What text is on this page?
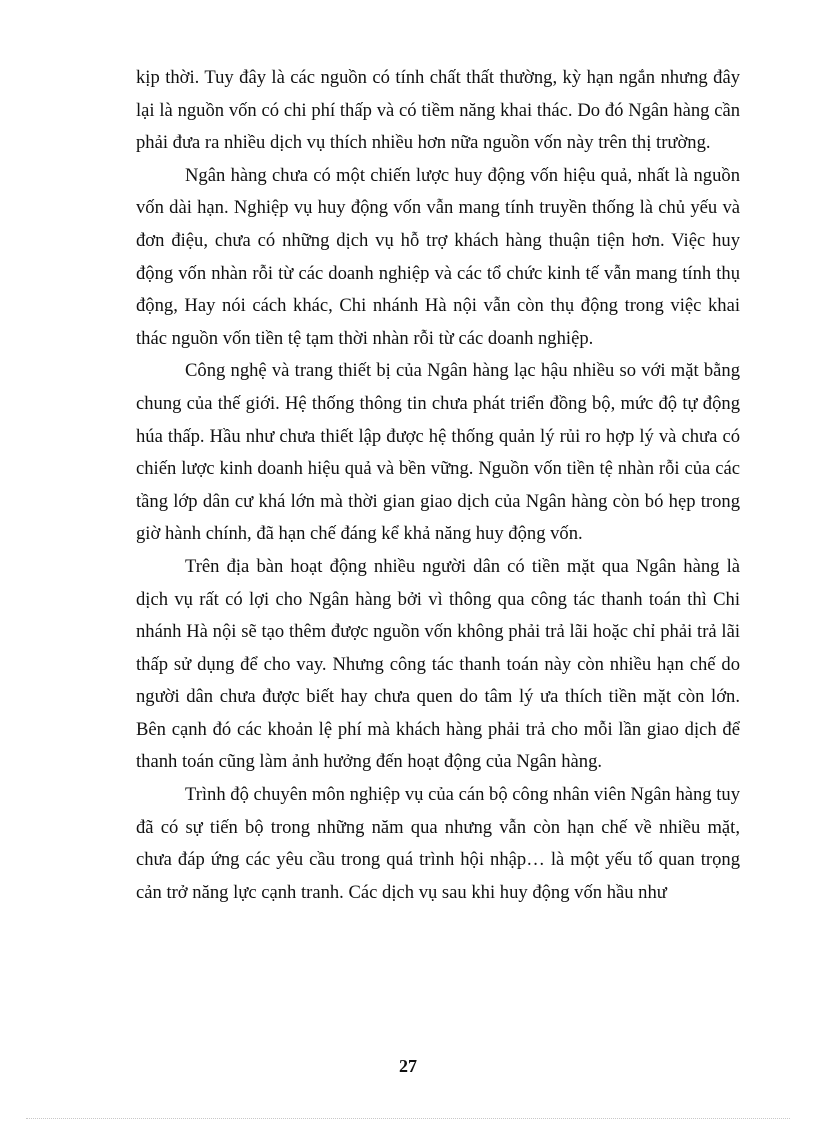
kịp thời. Tuy đây là các nguồn có tính chất thất thường, kỳ hạn ngắn nhưng đây lại là nguồn vốn có chi phí thấp và có tiềm năng khai thác. Do đó Ngân hàng cần phải đưa ra nhiều dịch vụ thích nhiều hơn nữa nguồn vốn này trên thị trường.

Ngân hàng chưa có một chiến lược huy động vốn hiệu quả, nhất là nguồn vốn dài hạn. Nghiệp vụ huy động vốn vẫn mang tính truyền thống là chủ yếu và đơn điệu, chưa có những dịch vụ hỗ trợ khách hàng thuận tiện hơn. Việc huy động vốn nhàn rỗi từ các doanh nghiệp và các tổ chức kinh tế vẫn mang tính thụ động, Hay nói cách khác, Chi nhánh Hà nội vẫn còn thụ động trong việc khai thác nguồn vốn tiền tệ tạm thời nhàn rỗi từ các doanh nghiệp.

Công nghệ và trang thiết bị của Ngân hàng lạc hậu nhiều so với mặt bằng chung của thế giới. Hệ thống thông tin chưa phát triển đồng bộ, mức độ tự động húa thấp. Hầu như chưa thiết lập được hệ thống quản lý rủi ro hợp lý và chưa có chiến lược kinh doanh hiệu quả và bền vững. Nguồn vốn tiền tệ nhàn rỗi của các tầng lớp dân cư khá lớn mà thời gian giao dịch của Ngân hàng còn bó hẹp trong giờ hành chính, đã hạn chế đáng kể khả năng huy động vốn.

Trên địa bàn hoạt động nhiều người dân có tiền mặt qua Ngân hàng là dịch vụ rất có lợi cho Ngân hàng bởi vì thông qua công tác thanh toán thì Chi nhánh Hà nội sẽ tạo thêm được nguồn vốn không phải trả lãi hoặc chỉ phải trả lãi thấp sử dụng để cho vay. Nhưng công tác thanh toán này còn nhiều hạn chế do người dân chưa được biết hay chưa quen do tâm lý ưa thích tiền mặt còn lớn. Bên cạnh đó các khoản lệ phí mà khách hàng phải trả cho mỗi lần giao dịch để thanh toán cũng làm ảnh hưởng đến hoạt động của Ngân hàng.

Trình độ chuyên môn nghiệp vụ của cán bộ công nhân viên Ngân hàng tuy đã có sự tiến bộ trong những năm qua nhưng vẫn còn hạn chế về nhiều mặt, chưa đáp ứng các yêu cầu trong quá trình hội nhập… là một yếu tố quan trọng cản trở năng lực cạnh tranh. Các dịch vụ sau khi huy động vốn hầu như

27
